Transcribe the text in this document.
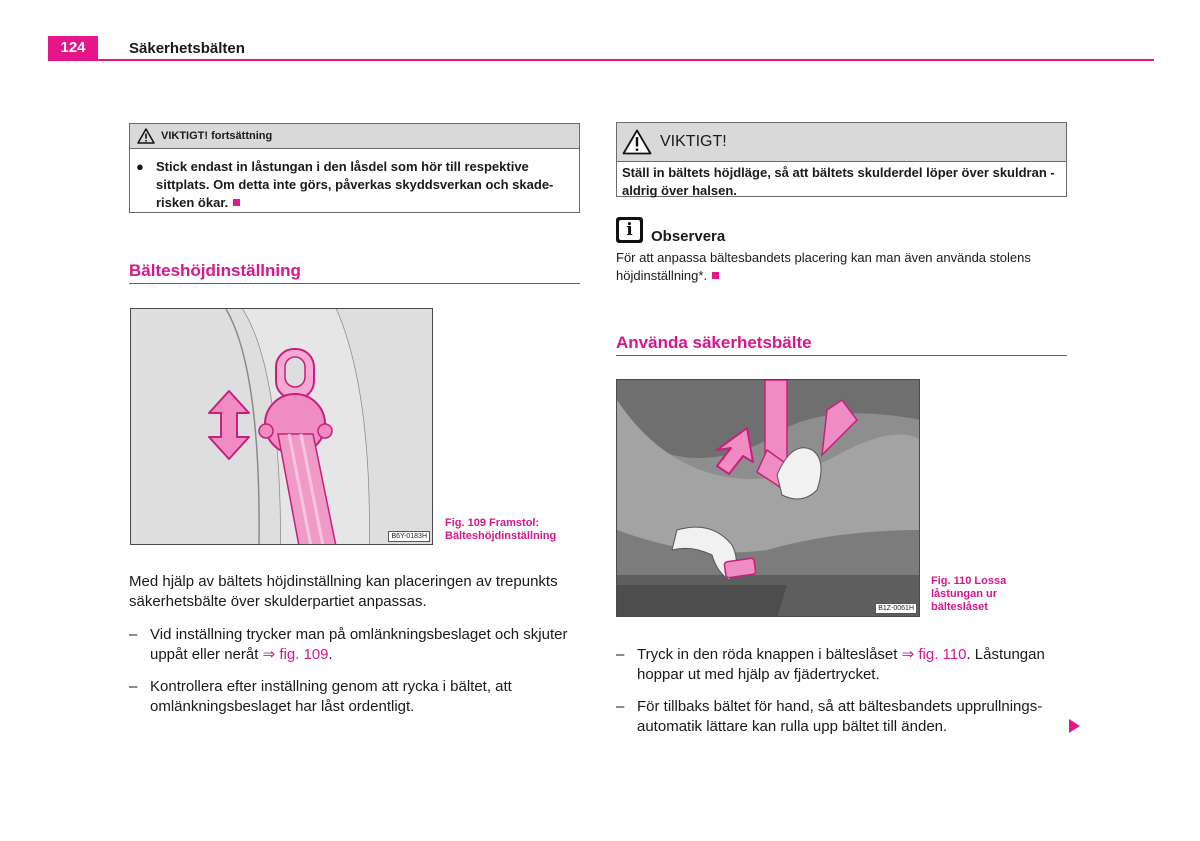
124	Säkerhetsbälten
VIKTIGT! fortsättning
● Stick endast in låstungan i den låsdel som hör till respektive sittplats. Om detta inte görs, påverkas skyddsverkan och skade-risken ökar.
Bälteshöjdinställning
B6Y-0183H
Fig. 109 Framstol:
Bälteshöjdinställning
Med hjälp av bältets höjdinställning kan placeringen av trepunkts säkerhetsbälte över skulderpartiet anpassas.
– Vid inställning trycker man på omlänkningsbeslaget och skjuter uppåt eller neråt ⇒ fig. 109.
– Kontrollera efter inställning genom att rycka i bältet, att omlänkningsbeslaget har låst ordentligt.
VIKTIGT!
Ställ in bältets höjdläge, så att bältets skulderdel löper över skuldran - aldrig över halsen.
i	Observera
För att anpassa bältesbandets placering kan man även använda stolens höjdinställning*.
Använda säkerhetsbälte
B1Z-0061H
Fig. 110 Lossa
låstungan ur
bälteslåset
– Tryck in den röda knappen i bälteslåset ⇒ fig. 110. Låstungan hoppar ut med hjälp av fjädertrycket.
– För tillbaks bältet för hand, så att bältesbandets upprullnings-automatik lättare kan rulla upp bältet till änden.
